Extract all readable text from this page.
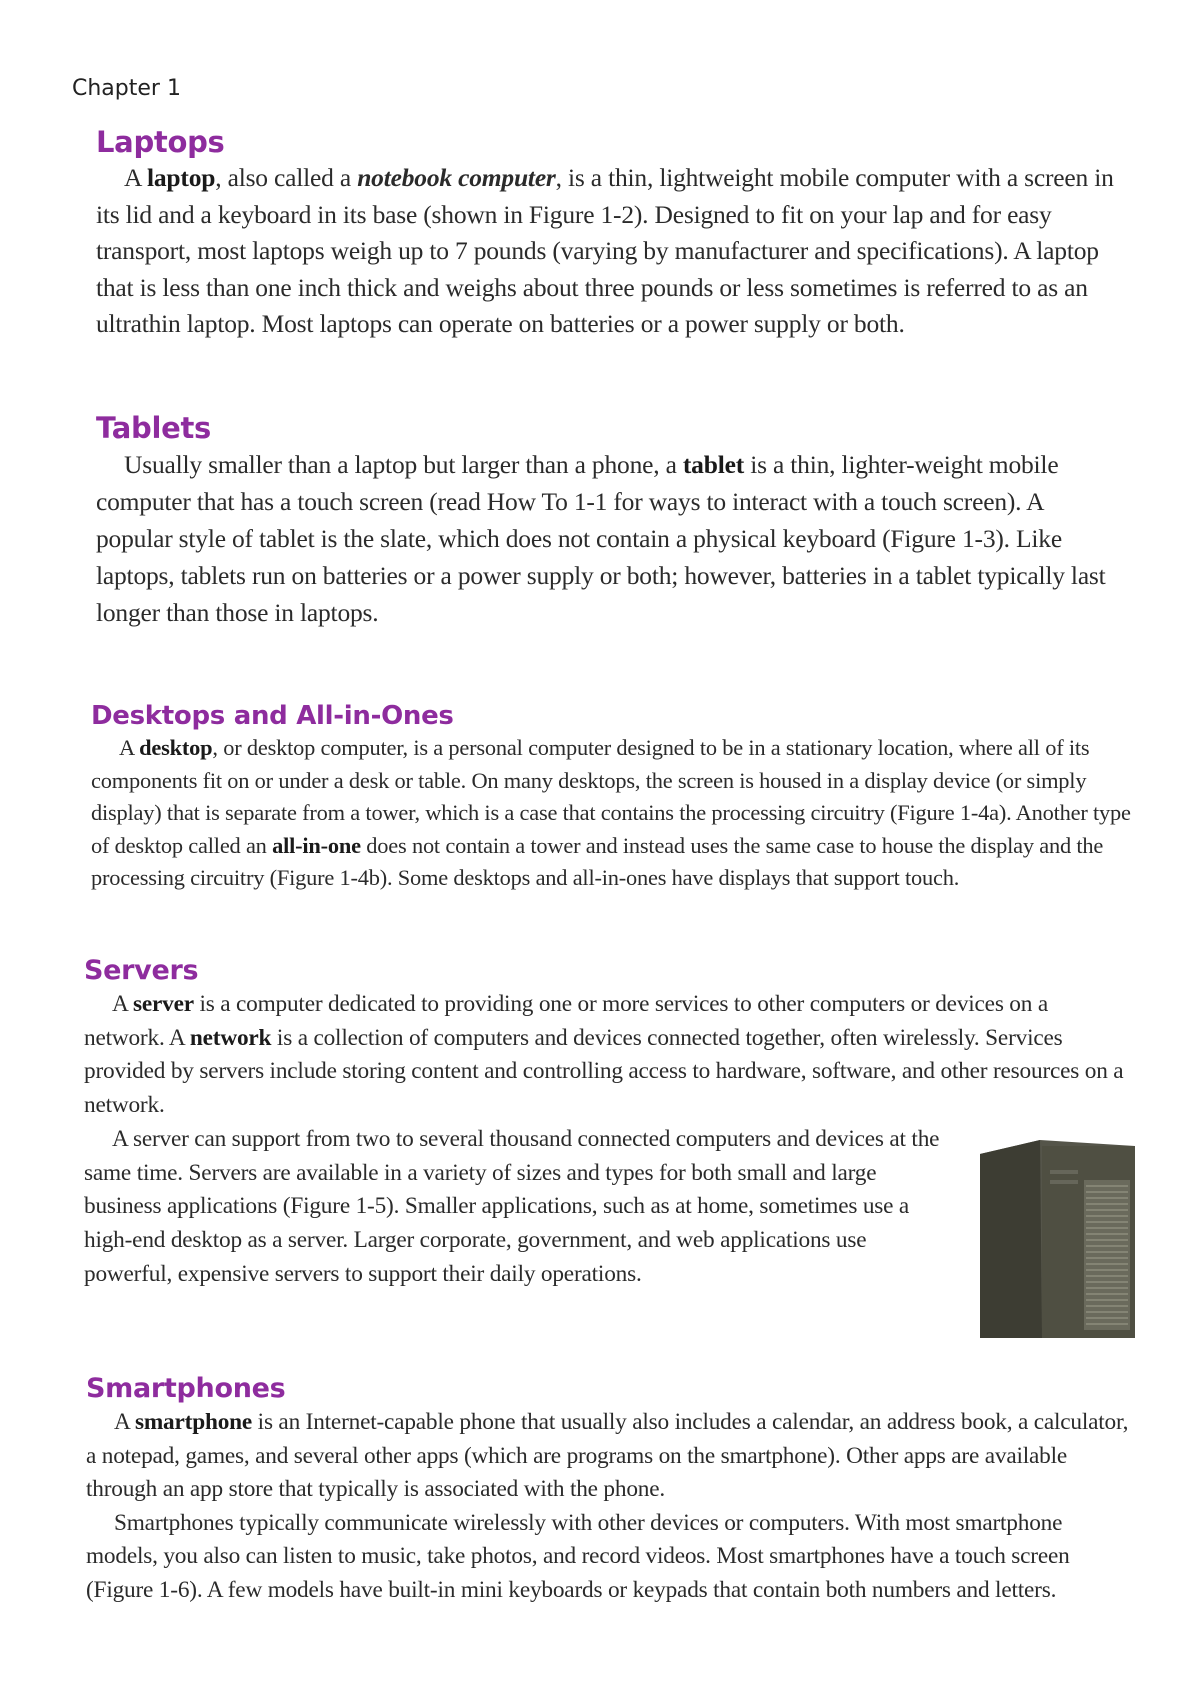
Chapter 1
Laptops

A laptop, also called a notebook computer, is a thin, lightweight mobile computer with a screen in its lid and a keyboard in its base (shown in Figure 1-2). Designed to fit on your lap and for easy transport, most laptops weigh up to 7 pounds (varying by manufacturer and specifications). A laptop that is less than one inch thick and weighs about three pounds or less sometimes is referred to as an ultrathin laptop. Most laptops can operate on batteries or a power supply or both.

Tablets

Usually smaller than a laptop but larger than a phone, a tablet is a thin, lighter-weight mobile computer that has a touch screen (read How To 1-1 for ways to interact with a touch screen). A popular style of tablet is the slate, which does not contain a physical keyboard (Figure 1-3). Like laptops, tablets run on batteries or a power supply or both; however, batteries in a tablet typically last longer than those in laptops.

Desktops and All-in-Ones

A desktop, or desktop computer, is a personal computer designed to be in a stationary location, where all of its components fit on or under a desk or table. On many desktops, the screen is housed in a display device (or simply display) that is separate from a tower, which is a case that contains the processing circuitry (Figure 1-4a). Another type of desktop called an all-in-one does not contain a tower and instead uses the same case to house the display and the processing circuitry (Figure 1-4b). Some desktops and all-in-ones have displays that support touch.

Servers

A server is a computer dedicated to providing one or more services to other computers or devices on a network. A network is a collection of computers and devices connected together, often wirelessly. Services provided by servers include storing content and controlling access to hardware, software, and other resources on a network.

A server can support from two to several thousand connected computers and devices at the same time. Servers are available in a variety of sizes and types for both small and large business applications (Figure 1-5). Smaller applications, such as at home, sometimes use a high-end desktop as a server. Larger corporate, government, and web applications use powerful, expensive servers to support their daily operations.

Smartphones

A smartphone is an Internet-capable phone that usually also includes a calendar, an address book, a calculator, a notepad, games, and several other apps (which are programs on the smartphone). Other apps are available through an app store that typically is associated with the phone.

Smartphones typically communicate wirelessly with other devices or computers. With most smartphone models, you also can listen to music, take photos, and record videos. Most smartphones have a touch screen (Figure 1-6). A few models have built-in mini keyboards or keypads that contain both numbers and letters.
